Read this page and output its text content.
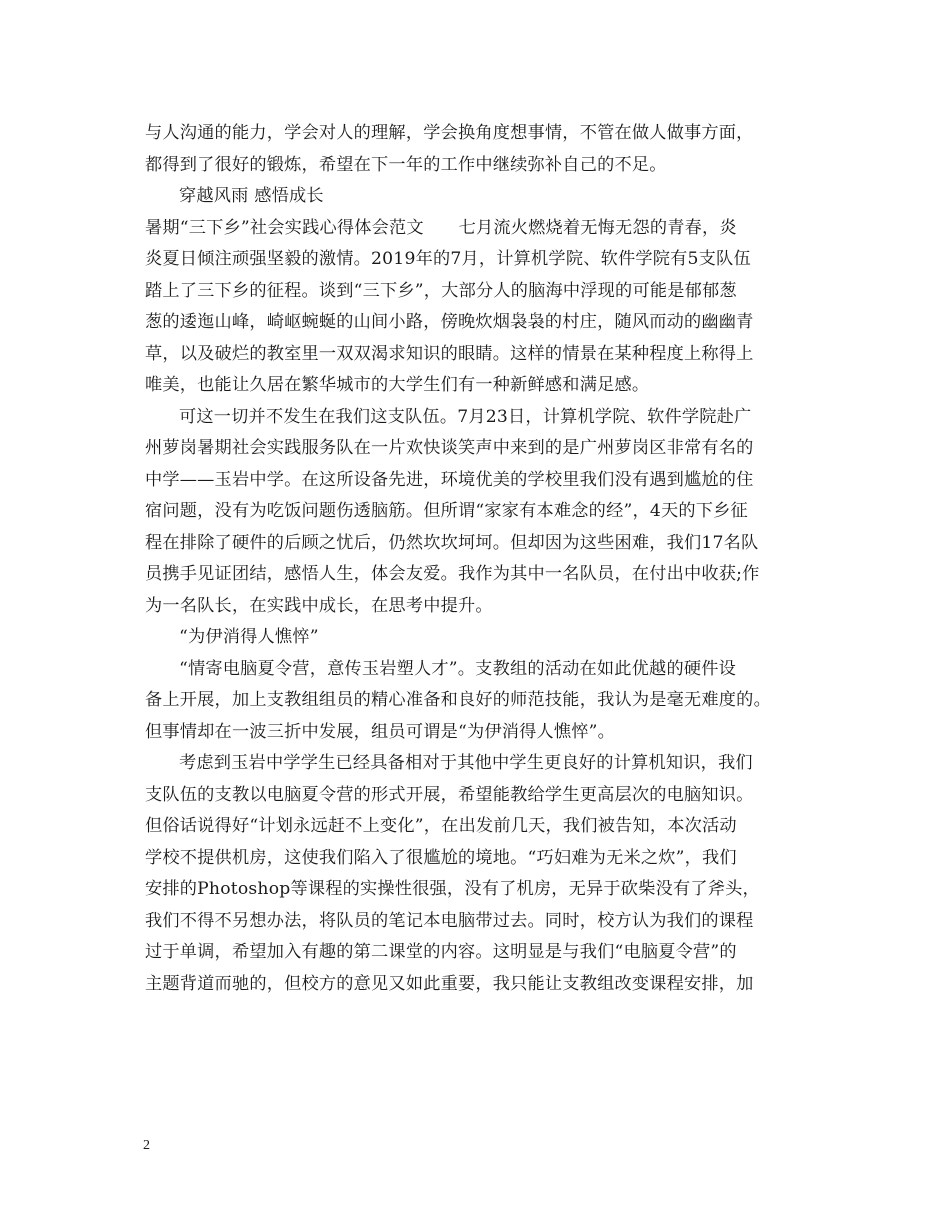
与人沟通的能力，学会对人的理解，学会换角度想事情，不管在做人做事方面，
都得到了很好的锻炼，希望在下一年的工作中继续弥补自己的不足。
穿越风雨 感悟成长
暑期“三下乡”社会实践心得体会范文　　七月流火燃烧着无悔无怨的青春，炎
炎夏日倾注顽强坚毅的激情。2019年的7月，计算机学院、软件学院有5支队伍
踏上了三下乡的征程。谈到“三下乡”，大部分人的脑海中浮现的可能是郁郁葱
葱的逶迤山峰，崎岖蜿蜒的山间小路，傍晚炊烟袅袅的村庄，随风而动的幽幽青
草，以及破烂的教室里一双双渴求知识的眼睛。这样的情景在某种程度上称得上
唯美，也能让久居在繁华城市的大学生们有一种新鲜感和满足感。
可这一切并不发生在我们这支队伍。7月23日，计算机学院、软件学院赴广
州萝岗暑期社会实践服务队在一片欢快谈笑声中来到的是广州萝岗区非常有名的
中学——玉岩中学。在这所设备先进，环境优美的学校里我们没有遇到尴尬的住
宿问题，没有为吃饭问题伤透脑筋。但所谓“家家有本难念的经”，4天的下乡征
程在排除了硬件的后顾之忧后，仍然坎坎坷坷。但却因为这些困难，我们17名队
员携手见证团结，感悟人生，体会友爱。我作为其中一名队员，在付出中收获;作
为一名队长，在实践中成长，在思考中提升。
“为伊消得人憔悴”
“情寄电脑夏令营，意传玉岩塑人才”。支教组的活动在如此优越的硬件设
备上开展，加上支教组组员的精心准备和良好的师范技能，我认为是毫无难度的。
但事情却在一波三折中发展，组员可谓是“为伊消得人憔悴”。
考虑到玉岩中学学生已经具备相对于其他中学生更良好的计算机知识，我们
支队伍的支教以电脑夏令营的形式开展，希望能教给学生更高层次的电脑知识。
但俗话说得好“计划永远赶不上变化”，在出发前几天，我们被告知，本次活动
学校不提供机房，这使我们陷入了很尴尬的境地。“巧妇难为无米之炊”，我们
安排的Photoshop等课程的实操性很强，没有了机房，无异于砍柴没有了斧头，
我们不得不另想办法，将队员的笔记本电脑带过去。同时，校方认为我们的课程
过于单调，希望加入有趣的第二课堂的内容。这明显是与我们“电脑夏令营”的
主题背道而驰的，但校方的意见又如此重要，我只能让支教组改变课程安排，加
2
